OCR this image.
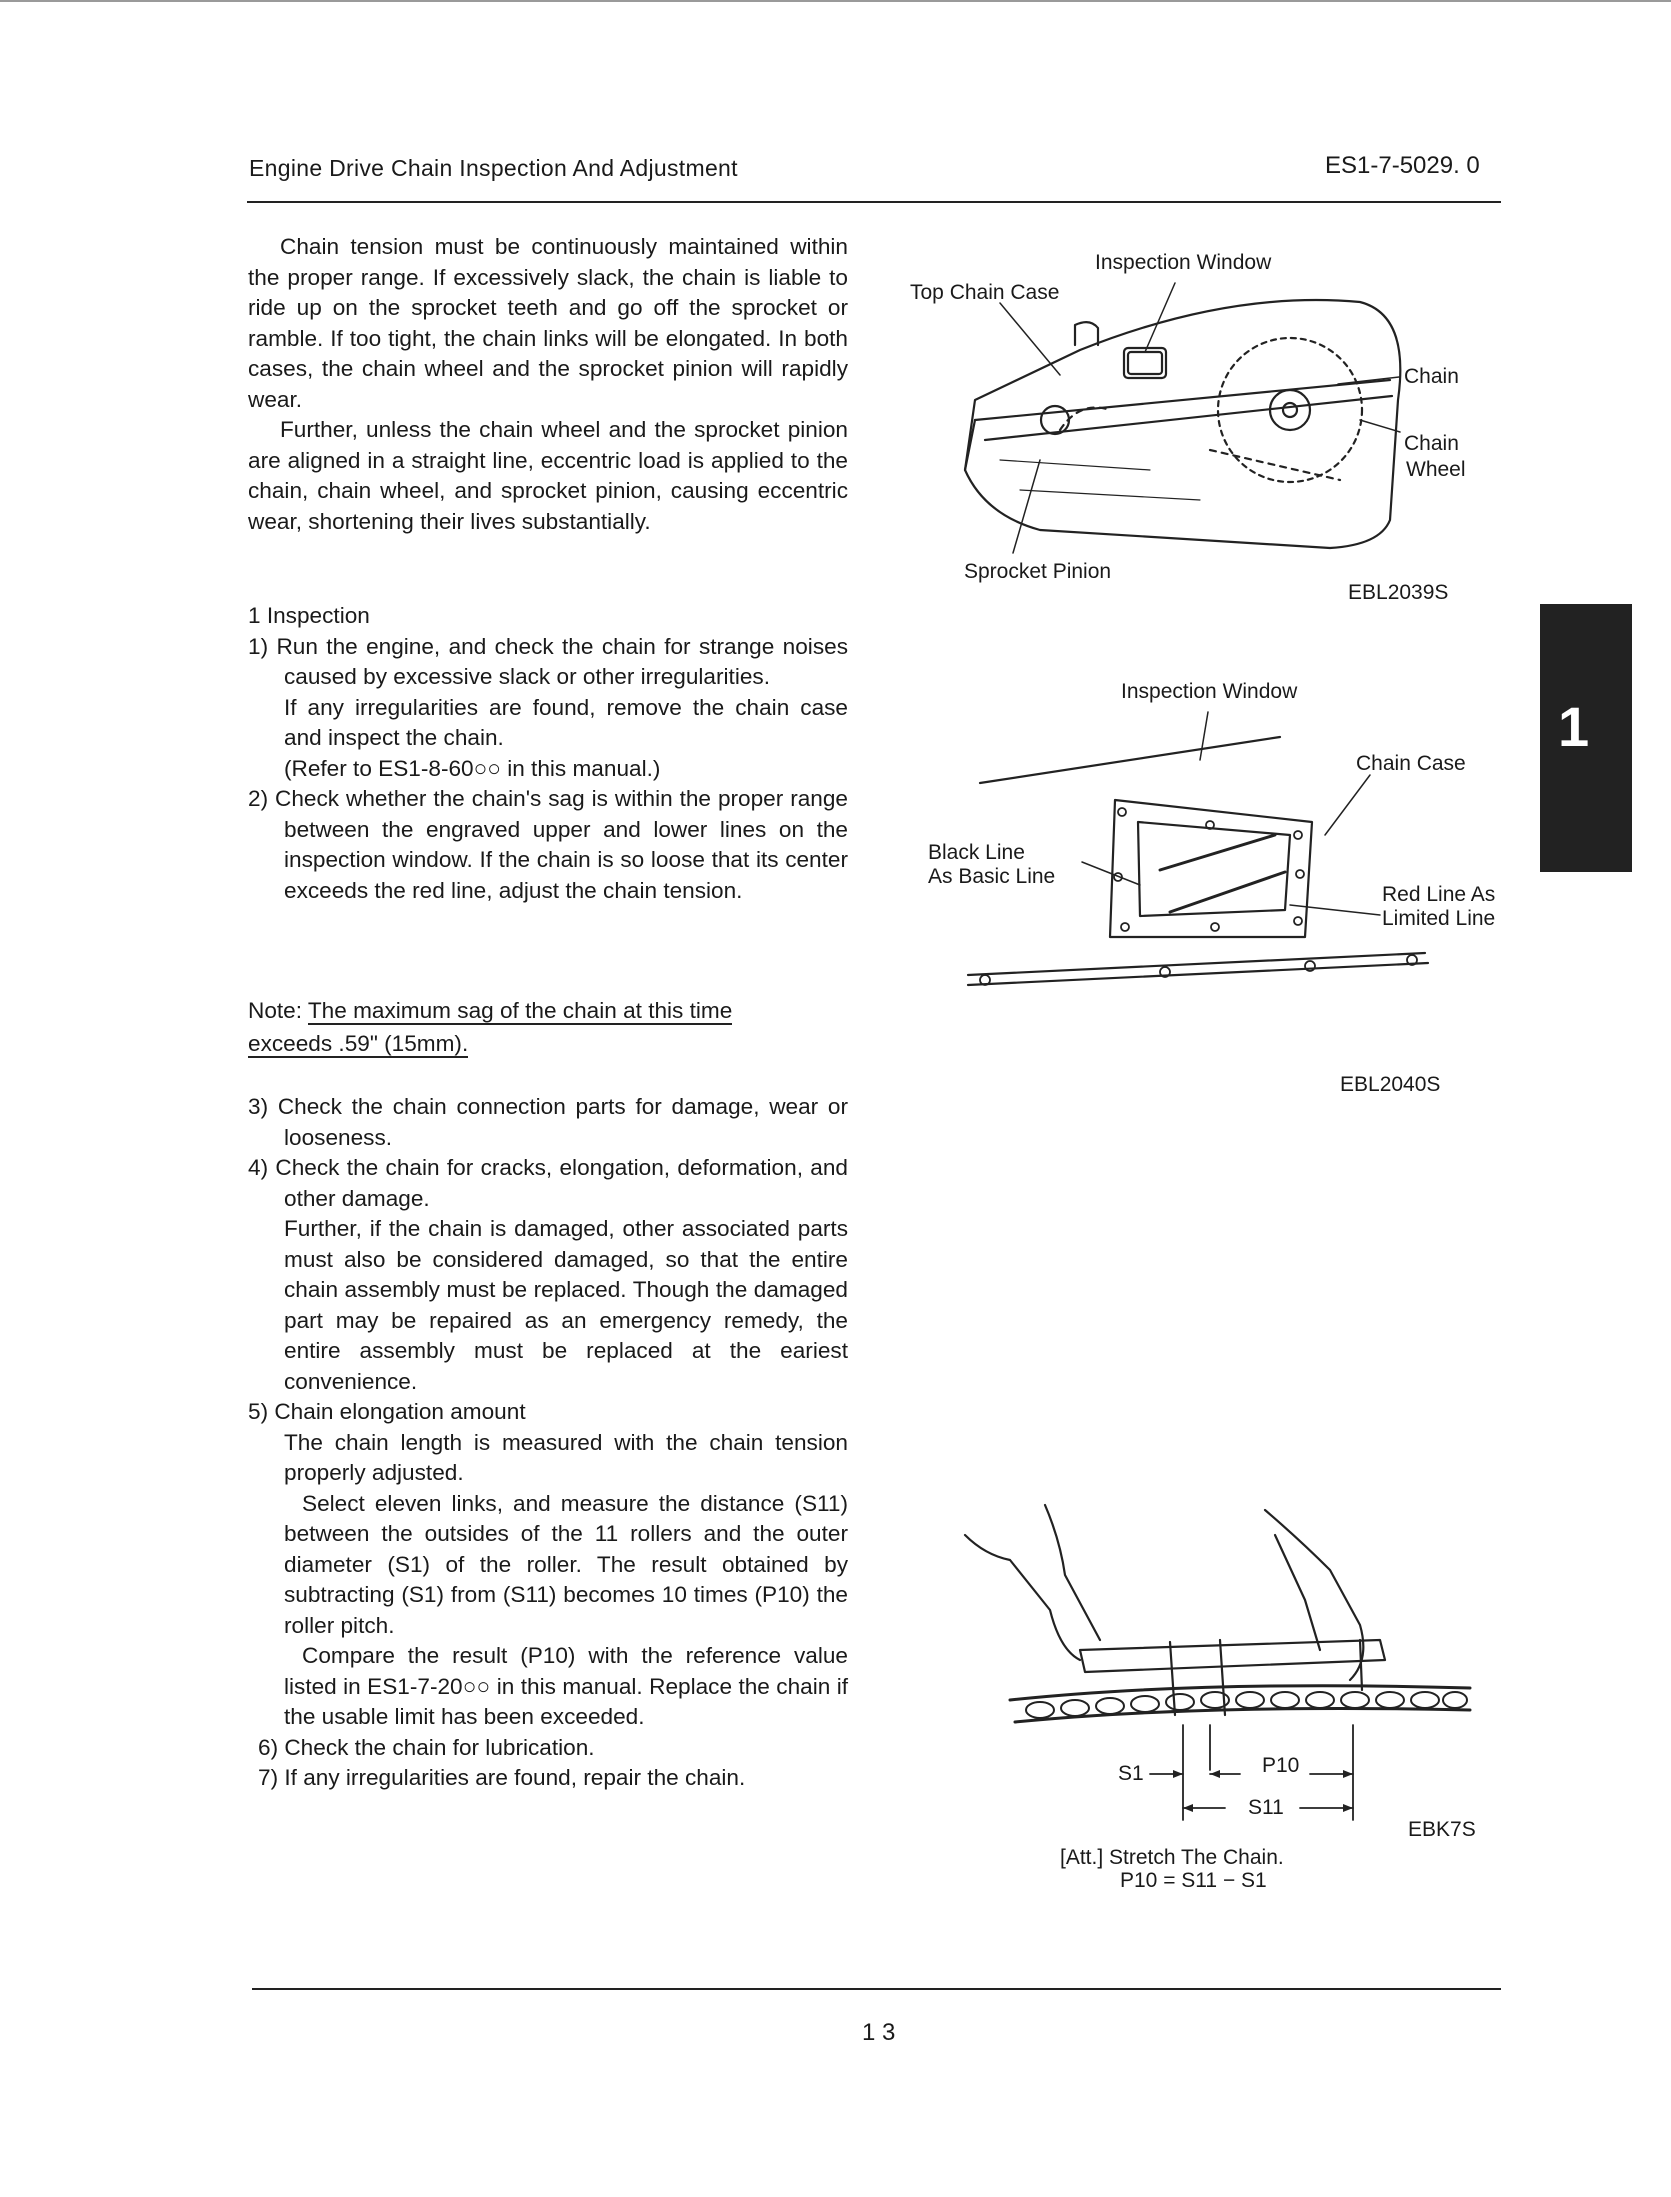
Engine Drive Chain Inspection And Adjustment	ES1-7-5029. 0

Chain tension must be continuously maintained within the proper range. If excessively slack, the chain is liable to ride up on the sprocket teeth and go off the sprocket or ramble. If too tight, the chain links will be elongated. In both cases, the chain wheel and the sprocket pinion will rapidly wear.

Further, unless the chain wheel and the sprocket pinion are aligned in a straight line, eccentric load is applied to the chain, chain wheel, and sprocket pinion, causing eccentric wear, shortening their lives substantially.

1 Inspection

1) Run the engine, and check the chain for strange noises caused by excessive slack or other irregularities.

If any irregularities are found, remove the chain case and inspect the chain.

(Refer to ES1-8-60○○ in this manual.)

2) Check whether the chain's sag is within the proper range between the engraved upper and lower lines on the inspection window. If the chain is so loose that its center exceeds the red line, adjust the chain tension.

Note: The maximum sag of the chain at this time
exceeds .59" (15mm).

3) Check the chain connection parts for damage, wear or looseness.

4) Check the chain for cracks, elongation, deformation, and other damage.

Further, if the chain is damaged, other associated parts must also be considered damaged, so that the entire chain assembly must be replaced. Though the damaged part may be repaired as an emergency remedy, the entire assembly must be replaced at the eariest convenience.

5) Chain elongation amount

The chain length is measured with the chain tension properly adjusted.

Select eleven links, and measure the distance (S11) between the outsides of the 11 rollers and the outer diameter (S1) of the roller. The result obtained by subtracting (S1) from (S11) becomes 10 times (P10) the roller pitch.

Compare the result (P10) with the reference value listed in ES1-7-20○○ in this manual. Replace the chain if the usable limit has been exceeded.

6) Check the chain for lubrication.

7) If any irregularities are found, repair the chain.

1
Inspection Window
Top Chain Case
Chain
Chain
Wheel
Sprocket Pinion
EBL2039S
Inspection Window
Chain Case
Black Line
As Basic Line
Red Line As
Limited Line
EBL2040S
S1	P10
S11
EBK7S
[Att.] Stretch The Chain.
P10 = S11 − S1
1 3
